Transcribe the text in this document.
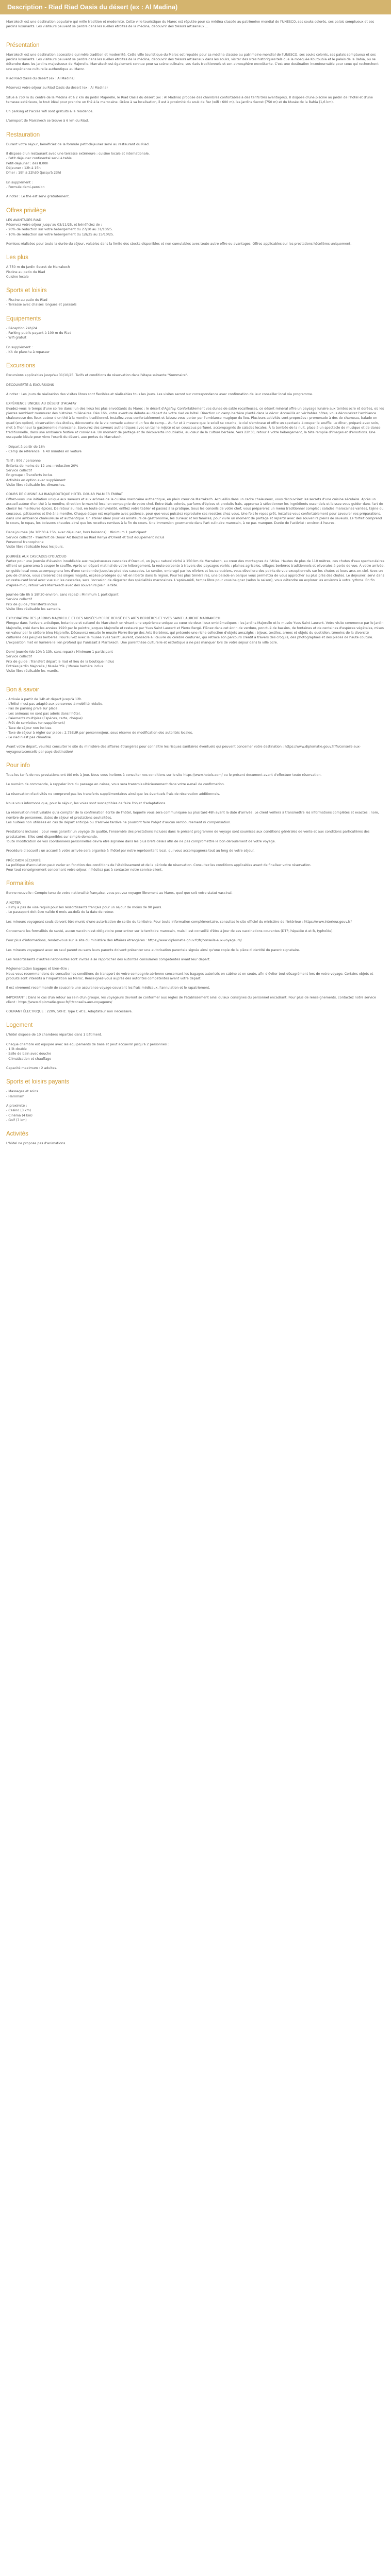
Description - Riad Riad Oasis du désert (ex : Al Madina)

Marrakech est une destination populaire qui mêle tradition et modernité. Cette ville touristique du Maroc est réputée pour sa médina classée au patrimoine mondial de l'UNESCO, ses souks colorés, ses palais somptueux et ses jardins luxuriants. Les visiteurs peuvent se perdre dans les ruelles étroites de la médina, découvrir des trésors artisanaux ...

Présentation

Marrakech est une destination accessible qui mêle tradition et modernité. Cette ville touristique du Maroc est réputée pour sa médina classée au patrimoine mondial de l'UNESCO, ses souks colorés, ses palais somptueux et ses jardins luxuriants. Les visiteurs peuvent se perdre dans les ruelles étroites de la médina, découvrir des trésors artisanaux dans les souks, visiter des sites historiques tels que la mosquée Koutoubia et le palais de la Bahia, ou se détendre dans les jardins majestueux de Majorelle. Marrakech est également connue pour sa scène culinaire, ses riads traditionnels et son atmosphère envoûtante. C'est une destination incontournable pour ceux qui recherchent une expérience culturelle authentique au Maroc.

Riad Riad Oasis du désert (ex : Al Madina)

Réservez votre séjour au Riad Oasis du désert (ex : Al Madina)

Situé à 750 m du centre de la Médina et à 2 km du jardin Majorelle, le Riad Oasis du désert (ex : Al Madina) propose des chambres confortables à des tarifs très avantageux. Il dispose d'une piscine au jardin de l'hôtel et d'une terrasse extérieure, le tout idéal pour prendre un thé à la marocaine. Grâce à sa localisation, il est à proximité du souk de Fez (wifi : 600 m), les jardins Secret (750 m) et du Musée de la Bahia (1,6 km).

Un parking et l'accès wifi sont gratuits à la résidence.

L'aéroport de Marrakech se trouve à 6 km du Riad.

Restauration

Durant votre séjour, bénéficiez de la formule petit-déjeuner servi au restaurant du Riad.

Il dispose d'un restaurant avec une terrasse extérieure : cuisine locale et internationale.

- Petit déjeuner continental servi à table

Petit-déjeuner : dès 8.00h

Déjeuner : 12h à 15h

Dîner : 19h à 22h30 (jusqu'à 23h)

En supplément :

- Formule demi-pension

A noter : Le thé est servi gratuitement.

Offres privilège

LES AVANTAGES RIAD

Réservez votre séjour jusqu'au 03/11/25, et bénéficiez de :

- 20% de réduction sur votre hébergement du 27/10 au 31/10/25.

- 10% de réduction sur votre hébergement du 1/9/25 au 15/10/25.

Remises réalisées pour toute la durée du séjour, valables dans la limite des stocks disponibles et non cumulables avec toute autre offre ou avantages. Offres applicables sur les prestations hôtelières uniquement.

Les plus

A 750 m du Jardin Secret de Marrakech

Piscine au patio du Riad

Cuisine locale

Sports et loisirs

- Piscine au patio du Riad

- Terrasse avec chaises longues et parasols

Equipements

- Réception 24h/24

- Parking public payant à 100 m du Riad

- Wifi gratuit

En supplément :

- Kit de plancha à repasser

Excursions

Excursions applicables jusqu'au 31/10/25. Tarifs et conditions de réservation dans l'étape suivante "Summaire".

DECOUVERTE & EXCURSIONS

A noter : Les jours de réalisation des visites libres sont flexibles et réalisables tous les jours. Les visites seront sur correspondance avec confirmation de leur conseiller local via programme.

EXPÉRIENCE UNIQUE AU DÉSERT D'AGAFAY

Evadez-vous le temps d'une soirée dans l'un des lieux les plus envoûtants du Maroc : le désert d'Agafay. Confortablement vos dunes de sable rocailleuses, ce désert minéral offre un paysage lunaire aux teintes ocre et dorées, où les pierres semblent murmurer des histoires millénaires. Dès 16h, votre aventure débute au départ de votre riad ou hôtel. Direction un camp berbère planté dans le décor. Accueillis en véritables hôtes, vous découvrirez l'ambiance chaleureuse des lieux autour d'un thé à la menthe traditionnel. Installez-vous confortablement et laissez-vous porter par l'ambiance magique du lieu. Plusieurs activités sont proposées : promenade à dos de chameau, balade en quad (en option), observation des étoiles, découverte de la vie nomade autour d'un feu de camp... Au fur et à mesure que le soleil se couche, le ciel s'embrase et offre un spectacle à couper le souffle. Le dîner, préparé avec soin, met à l'honneur la gastronomie marocaine. Savourez des saveurs authentiques avec un tajine mijoté et un couscous parfumé, accompagnés de salades locales. À la tombée de la nuit, place à un spectacle de musique et de danse traditionnelle, dans une ambiance festive et conviviale. Un moment de partage et de découverte inoubliable, au cœur de la culture berbère. Vers 22h30, retour à votre hébergement, la tête remplie d'images et d'émotions. Une escapade idéale pour vivre l'esprit du désert, aux portes de Marrakech.

- Départ à partir de 16h

- Camp de référence : à 40 minutes en voiture

Tarif : 90€ / personne

Enfants de moins de 12 ans : réduction 20%

Service collectif

En groupe : Transferts inclus

Activités en option avec supplément

Visite libre réalisable les dimanches.

COURS DE CUISINE AU RIAD/BOUTIQUE HOTEL DOUAR PALMIER ÉMIRAT

Offrez-vous une initiation unique aux saveurs et aux arômes de la cuisine marocaine authentique, en plein cœur de Marrakech. Accueillis dans un cadre chaleureux, vous découvrirez les secrets d'une cuisine séculaire. Après un accueil autour d'un thé à la menthe, direction le marché local en compagnie de votre chef. Entre étals colorés, parfums d'épices et produits frais, apprenez à sélectionner les ingrédients essentiels et laissez-vous guider dans l'art de choisir les meilleures épices. De retour au riad, en toute convivialité, enfilez votre tablier et passez à la pratique. Sous les conseils de votre chef, vous préparerez un menu traditionnel complet : salades marocaines variées, tajine ou couscous, pâtisseries et thé à la menthe. Chaque étape est expliquée avec patience, pour que vous puissiez reproduire ces recettes chez vous. Une fois le repas prêt, installez-vous confortablement pour savourer vos préparations, dans une ambiance chaleureuse et authentique. Un atelier idéal pour les amateurs de gastronomie, les curieux et les familles, pour vivre un moment de partage et repartir avec des souvenirs pleins de saveurs. Le forfait comprend le cours, le repas, les boissons chaudes ainsi que les recettes remises à la fin du cours. Une immersion gourmande dans l'art culinaire marocain, à ne pas manquer. Durée de l'activité : environ 4 heures.

Dans journée (de 10h30 à 15h, avec déjeuner, hors boissons) : Minimum 1 participant

Service collectif - Transfert de Douar Aït Bouzid au Riad Kenya d'Orient et tout équipement inclus

Personnel francophone

Visite libre réalisable tous les jours.

JOURNÉE AUX CASCADES D'OUZOUD

Partez pour une journée d'évasion inoubliable aux majestueuses cascades d'Ouzoud, un joyau naturel niché à 150 km de Marrakech, au cœur des montagnes de l'Atlas. Hautes de plus de 110 mètres, ces chutes d'eau spectaculaires offrent un panorama à couper le souffle. Après un départ matinal de votre hébergement, la route serpente à travers des paysages variés : plaines agricoles, villages berbères traditionnels et oliveraies à perte de vue. À votre arrivée, un guide local vous accompagnera lors d'une randonnée jusqu'au pied des cascades. Le sentier, ombragé par les oliviers et les caroubiers, vous dévoilera des points de vue exceptionnels sur les chutes et leurs arcs-en-ciel. Avec un peu de chance, vous croiserez des singes magots, espèce protégée qui vit en liberté dans la région. Pour les plus téméraires, une balade en barque vous permettra de vous approcher au plus près des chutes. Le déjeuner, servi dans un restaurant local avec vue sur les cascades, sera l'occasion de déguster des spécialités marocaines. L'après-midi, temps libre pour vous baigner (selon la saison), vous détendre ou explorer les environs à votre rythme. En fin d'après-midi, retour vers Marrakech avec des souvenirs plein la tête.

Journée (de 8h à 18h30 environ, sans repas) : Minimum 1 participant

Service collectif

Prix de guide / transferts inclus

Visite libre réalisable les samedis.

EXPLORATION DES JARDINS MAJORELLE ET DES MUSÉES PIERRE BERGÉ DES ARTS BERBÈRES ET YVES SAINT LAURENT MARRAKECH

Plongez dans l'univers artistique, botanique et culturel de Marrakech en vivant une expérience unique au cœur de deux lieux emblématiques : les jardins Majorelle et le musée Yves Saint Laurent. Votre visite commence par le jardin Majorelle, créé dans les années 1920 par le peintre Jacques Majorelle et restauré par Yves Saint Laurent et Pierre Bergé. Flânez dans cet écrin de verdure, ponctué de bassins, de fontaines et de centaines d'espèces végétales, mises en valeur par le célèbre bleu Majorelle. Découvrez ensuite le musée Pierre Bergé des Arts Berbères, qui présente une riche collection d'objets amazighs : bijoux, textiles, armes et objets du quotidien, témoins de la diversité culturelle des peuples berbères. Poursuivez avec le musée Yves Saint Laurent, consacré à l'œuvre du célèbre couturier, qui retrace son parcours créatif à travers des croquis, des photographies et des pièces de haute couture. L'exposition met en lumière le lien profond qui l'unissait à Marrakech. Une parenthèse culturelle et esthétique à ne pas manquer lors de votre séjour dans la ville ocre.

Demi-journée (de 10h à 13h, sans repas) : Minimum 1 participant

Service collectif

Prix de guide : Transfert départ le riad et lieu de la boutique inclus

Entrées Jardin Majorelle / Musée YSL / Musée berbère inclus

Visite libre réalisable les mardis.

Bon à savoir

- Arrivée à partir de 14h et départ jusqu'à 12h.

- L'hôtel n'est pas adapté aux personnes à mobilité réduite.

- Pas de parking privé sur place.

- Les animaux ne sont pas admis dans l'hôtel.

- Paiements multiples (Espèces, carte, chèque)

- Prêt de serviettes (en supplément)

- Taxe de séjour non incluse.

- Taxe de séjour à régler sur place : 2.75EUR par personne/jour, sous réserve de modification des autorités locales.

- Le riad n'est pas climatisé.

Avant votre départ, veuillez consulter le site du ministère des affaires étrangères pour connaître les risques sanitaires éventuels qui peuvent concerner votre destination : https://www.diplomatie.gouv.fr/fr/conseils-aux-voyageurs/conseils-par-pays-destination/

Pour info

Tous les tarifs de nos prestations ont été mis à jour. Nous vous invitons à consulter nos conditions sur le site https://www.hotels.com/ ou le présent document avant d'effectuer toute réservation.

Le numéro de commande, à rappeler lors du passage en caisse, vous sera transmis ultérieurement dans votre e-mail de confirmation.

La réservation d'activités ne comprend pas les transferts supplémentaires ainsi que les éventuels frais de réservation additionnels.

Nous vous informons que, pour le séjour, les voies sont susceptibles de faire l'objet d'adaptations.

La réservation n'est valable qu'à compter de la confirmation écrite de l'hôtel, laquelle vous sera communiquée au plus tard 48h avant la date d'arrivée. Le client veillera à transmettre les informations complètes et exactes : nom, nombre de personnes, dates de séjour et prestations souhaitées.

Les nuitées non utilisées en cas de départ anticipé ou d'arrivée tardive ne pourront faire l'objet d'aucun remboursement ni compensation.

Prestations incluses : pour vous garantir un voyage de qualité, l'ensemble des prestations incluses dans le présent programme de voyage sont soumises aux conditions générales de vente et aux conditions particulières des prestataires. Elles sont disponibles sur simple demande.

Toute modification de vos coordonnées personnelles devra être signalée dans les plus brefs délais afin de ne pas compromettre le bon déroulement de votre voyage.

Procédure d'accueil : un accueil à votre arrivée sera organisé à l'hôtel par notre représentant local, qui vous accompagnera tout au long de votre séjour.

PRÉCISION SÉCURITÉ

La politique d'annulation peut varier en fonction des conditions de l'établissement et de la période de réservation. Consultez les conditions applicables avant de finaliser votre réservation.

Pour tout renseignement concernant votre séjour, n'hésitez pas à contacter notre service client.

Formalités

Bonne nouvelle : Compte tenu de votre nationalité française, vous pouvez voyager librement au Maroc, quel que soit votre statut vaccinal.

A NOTER

- Il n'y a pas de visa requis pour les ressortissants français pour un séjour de moins de 90 jours.

- Le passeport doit être valide 6 mois au-delà de la date de retour.

Les mineurs voyageant seuls doivent être munis d'une autorisation de sortie du territoire. Pour toute information complémentaire, consultez le site officiel du ministère de l'Intérieur : https://www.interieur.gouv.fr/

Concernant les formalités de santé, aucun vaccin n'est obligatoire pour entrer sur le territoire marocain, mais il est conseillé d'être à jour de ses vaccinations courantes (DTP, hépatite A et B, typhoïde).

Pour plus d'informations, rendez-vous sur le site du ministère des Affaires étrangères : https://www.diplomatie.gouv.fr/fr/conseils-aux-voyageurs/

Les mineurs voyageant avec un seul parent ou sans leurs parents doivent présenter une autorisation parentale signée ainsi qu'une copie de la pièce d'identité du parent signataire.

Les ressortissants d'autres nationalités sont invités à se rapprocher des autorités consulaires compétentes avant leur départ.

Réglementation bagages et bien-être :

Nous vous recommandons de consulter les conditions de transport de votre compagnie aérienne concernant les bagages autorisés en cabine et en soute, afin d'éviter tout désagrément lors de votre voyage. Certains objets et produits sont interdits à l'importation au Maroc. Renseignez-vous auprès des autorités compétentes avant votre départ.

Il est vivement recommandé de souscrire une assurance voyage couvrant les frais médicaux, l'annulation et le rapatriement.

IMPORTANT : Dans le cas d'un retour au sein d'un groupe, les voyageurs devront se conformer aux règles de l'établissement ainsi qu'aux consignes du personnel encadrant. Pour plus de renseignements, contactez notre service client : https://www.diplomatie.gouv.fr/fr/conseils-aux-voyageurs/

COURANT ÉLECTRIQUE : 220V, 50Hz. Type C et E. Adaptateur non nécessaire.

Logement

L'hôtel dispose de 10 chambres réparties dans 1 bâtiment.

Chaque chambre est équipée avec les équipements de base et peut accueillir jusqu'à 2 personnes :

- 1 lit double

- Salle de bain avec douche

- Climatisation et chauffage

Capacité maximum : 2 adultes.

Sports et loisirs payants

- Massages et soins

- Hammam

A proximité :

- Casino (3 km)

- Cinéma (4 km)

- Golf (7 km)

Activités

L'hôtel ne propose pas d'animations.
